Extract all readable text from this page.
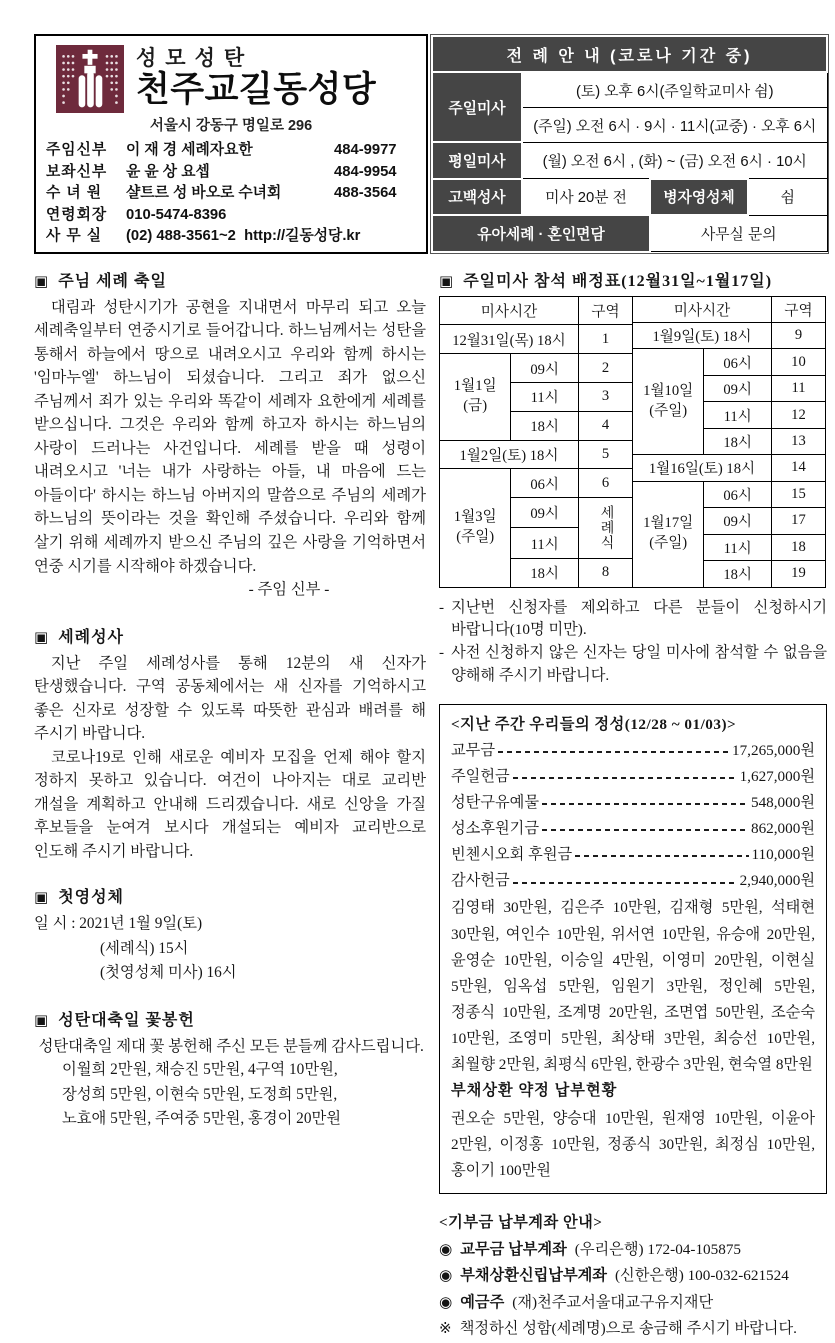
성모성탄
천주교길동성당
서울시 강동구 명일로 296
주임신부	이 재 경 세례자요한	484-9977
보좌신부	윤 윤 상 요셉	484-9954
수 녀 원	샬트르 성 바오로 수녀회	488-3564
연령회장	010-5474-8396
사 무 실	(02) 488-3561~2 http://길동성당.kr
전 례 안 내 (코로나 기간 중)			
주일미사	(토) 오후 6시(주일학교미사 쉼)		
	(주일) 오전 6시 · 9시 · 11시(교중) · 오후 6시		
평일미사	(월) 오전 6시 , (화) ~ (금) 오전 6시 · 10시		
고백성사	미사 20분 전	병자영성체	쉼
유아세례 · 혼인면담		사무실 문의	
▣ 주님 세례 축일
대림과 성탄시기가 공현을 지내면서 마무리 되고 오늘 세례축일부터 연중시기로 들어갑니다. 하느님께서는 성탄을 통해서 하늘에서 땅으로 내려오시고 우리와 함께 하시는 '임마누엘' 하느님이 되셨습니다. 그리고 죄가 없으신 주님께서 죄가 있는 우리와 똑같이 세례자 요한에게 세례를 받으십니다. 그것은 우리와 함께 하고자 하시는 하느님의 사랑이 드러나는 사건입니다. 세례를 받을 때 성령이 내려오시고 '너는 내가 사랑하는 아들, 내 마음에 드는 아들이다' 하시는 하느님 아버지의 말씀으로 주님의 세례가 하느님의 뜻이라는 것을 확인해 주셨습니다. 우리와 함께 살기 위해 세례까지 받으신 주님의 깊은 사랑을 기억하면서 연중 시기를 시작해야 하겠습니다.
- 주임 신부 -
▣ 세례성사
지난 주일 세례성사를 통해 12분의 새 신자가 탄생했습니다. 구역 공동체에서는 새 신자를 기억하시고 좋은 신자로 성장할 수 있도록 따뜻한 관심과 배려를 해 주시기 바랍니다.
코로나19로 인해 새로운 예비자 모집을 언제 해야 할지 정하지 못하고 있습니다. 여건이 나아지는 대로 교리반 개설을 계획하고 안내해 드리겠습니다. 새로 신앙을 가질 후보들을 눈여겨 보시다 개설되는 예비자 교리반으로 인도해 주시기 바랍니다.
▣ 첫영성체
일 시 : 2021년 1월 9일(토)
(세례식) 15시
(첫영성체 미사) 16시
▣ 성탄대축일 꽃봉헌
성탄대축일 제대 꽃 봉헌해 주신 모든 분들께 감사드립니다.
이월희 2만원, 채승진 5만원, 4구역 10만원,
장성희 5만원, 이현숙 5만원, 도정희 5만원,
노효애 5만원, 주여중 5만원, 홍경이 20만원
▣ 주일미사 참석 배정표(12월31일~1월17일)
미사시간		구역
12월31일(목) 18시		1

1월1일
(금)	09시	2
	11시	3
	18시	4
1월2일(토) 18시		5

1월3일
(주일)	06시	6
	09시	세례식
	11시	
	18시	8
미사시간		구역
1월9일(토) 18시		9

1월10일
(주일)	06시	10
	09시	11
	11시	12
	18시	13
1월16일(토) 18시		14

1월17일
(주일)	06시	15
	09시	17
	11시	18
	18시	19
- 지난번 신청자를 제외하고 다른 분들이 신청하시기 바랍니다(10명 미만).
- 사전 신청하지 않은 신자는 당일 미사에 참석할 수 없음을 양해해 주시기 바랍니다.
<지난 주간 우리들의 정성(12/28 ~ 01/03)>
교무금	17,265,000원
주일헌금	1,627,000원
성탄구유예물	548,000원
성소후원기금	862,000원
빈첸시오회 후원금	110,000원
감사헌금	2,940,000원
김영태 30만원, 김은주 10만원, 김재형 5만원, 석태현 30만원, 여인수 10만원, 위서연 10만원, 유승애 20만원, 윤영순 10만원, 이승일 4만원, 이영미 20만원, 이현실 5만원, 임옥섭 5만원, 임원기 3만원, 정인혜 5만원, 정종식 10만원, 조계명 20만원, 조면엽 50만원, 조순숙 10만원, 조영미 5만원, 최상태 3만원, 최승선 10만원, 최월향 2만원, 최평식 6만원, 한광수 3만원, 현숙열 8만원
부채상환 약정 납부현황
권오순 5만원, 양승대 10만원, 원재영 10만원, 이윤아 2만원, 이정홍 10만원, 정종식 30만원, 최정심 10만원, 홍이기 100만원
<기부금 납부계좌 안내>
◉ 교무금 납부계좌 (우리은행) 172-04-105875
◉ 부채상환신립납부계좌 (신한은행) 100-032-621524
◉ 예금주 (재)천주교서울대교구유지재단
※ 책정하신 성함(세례명)으로 송금해 주시기 바랍니다.
